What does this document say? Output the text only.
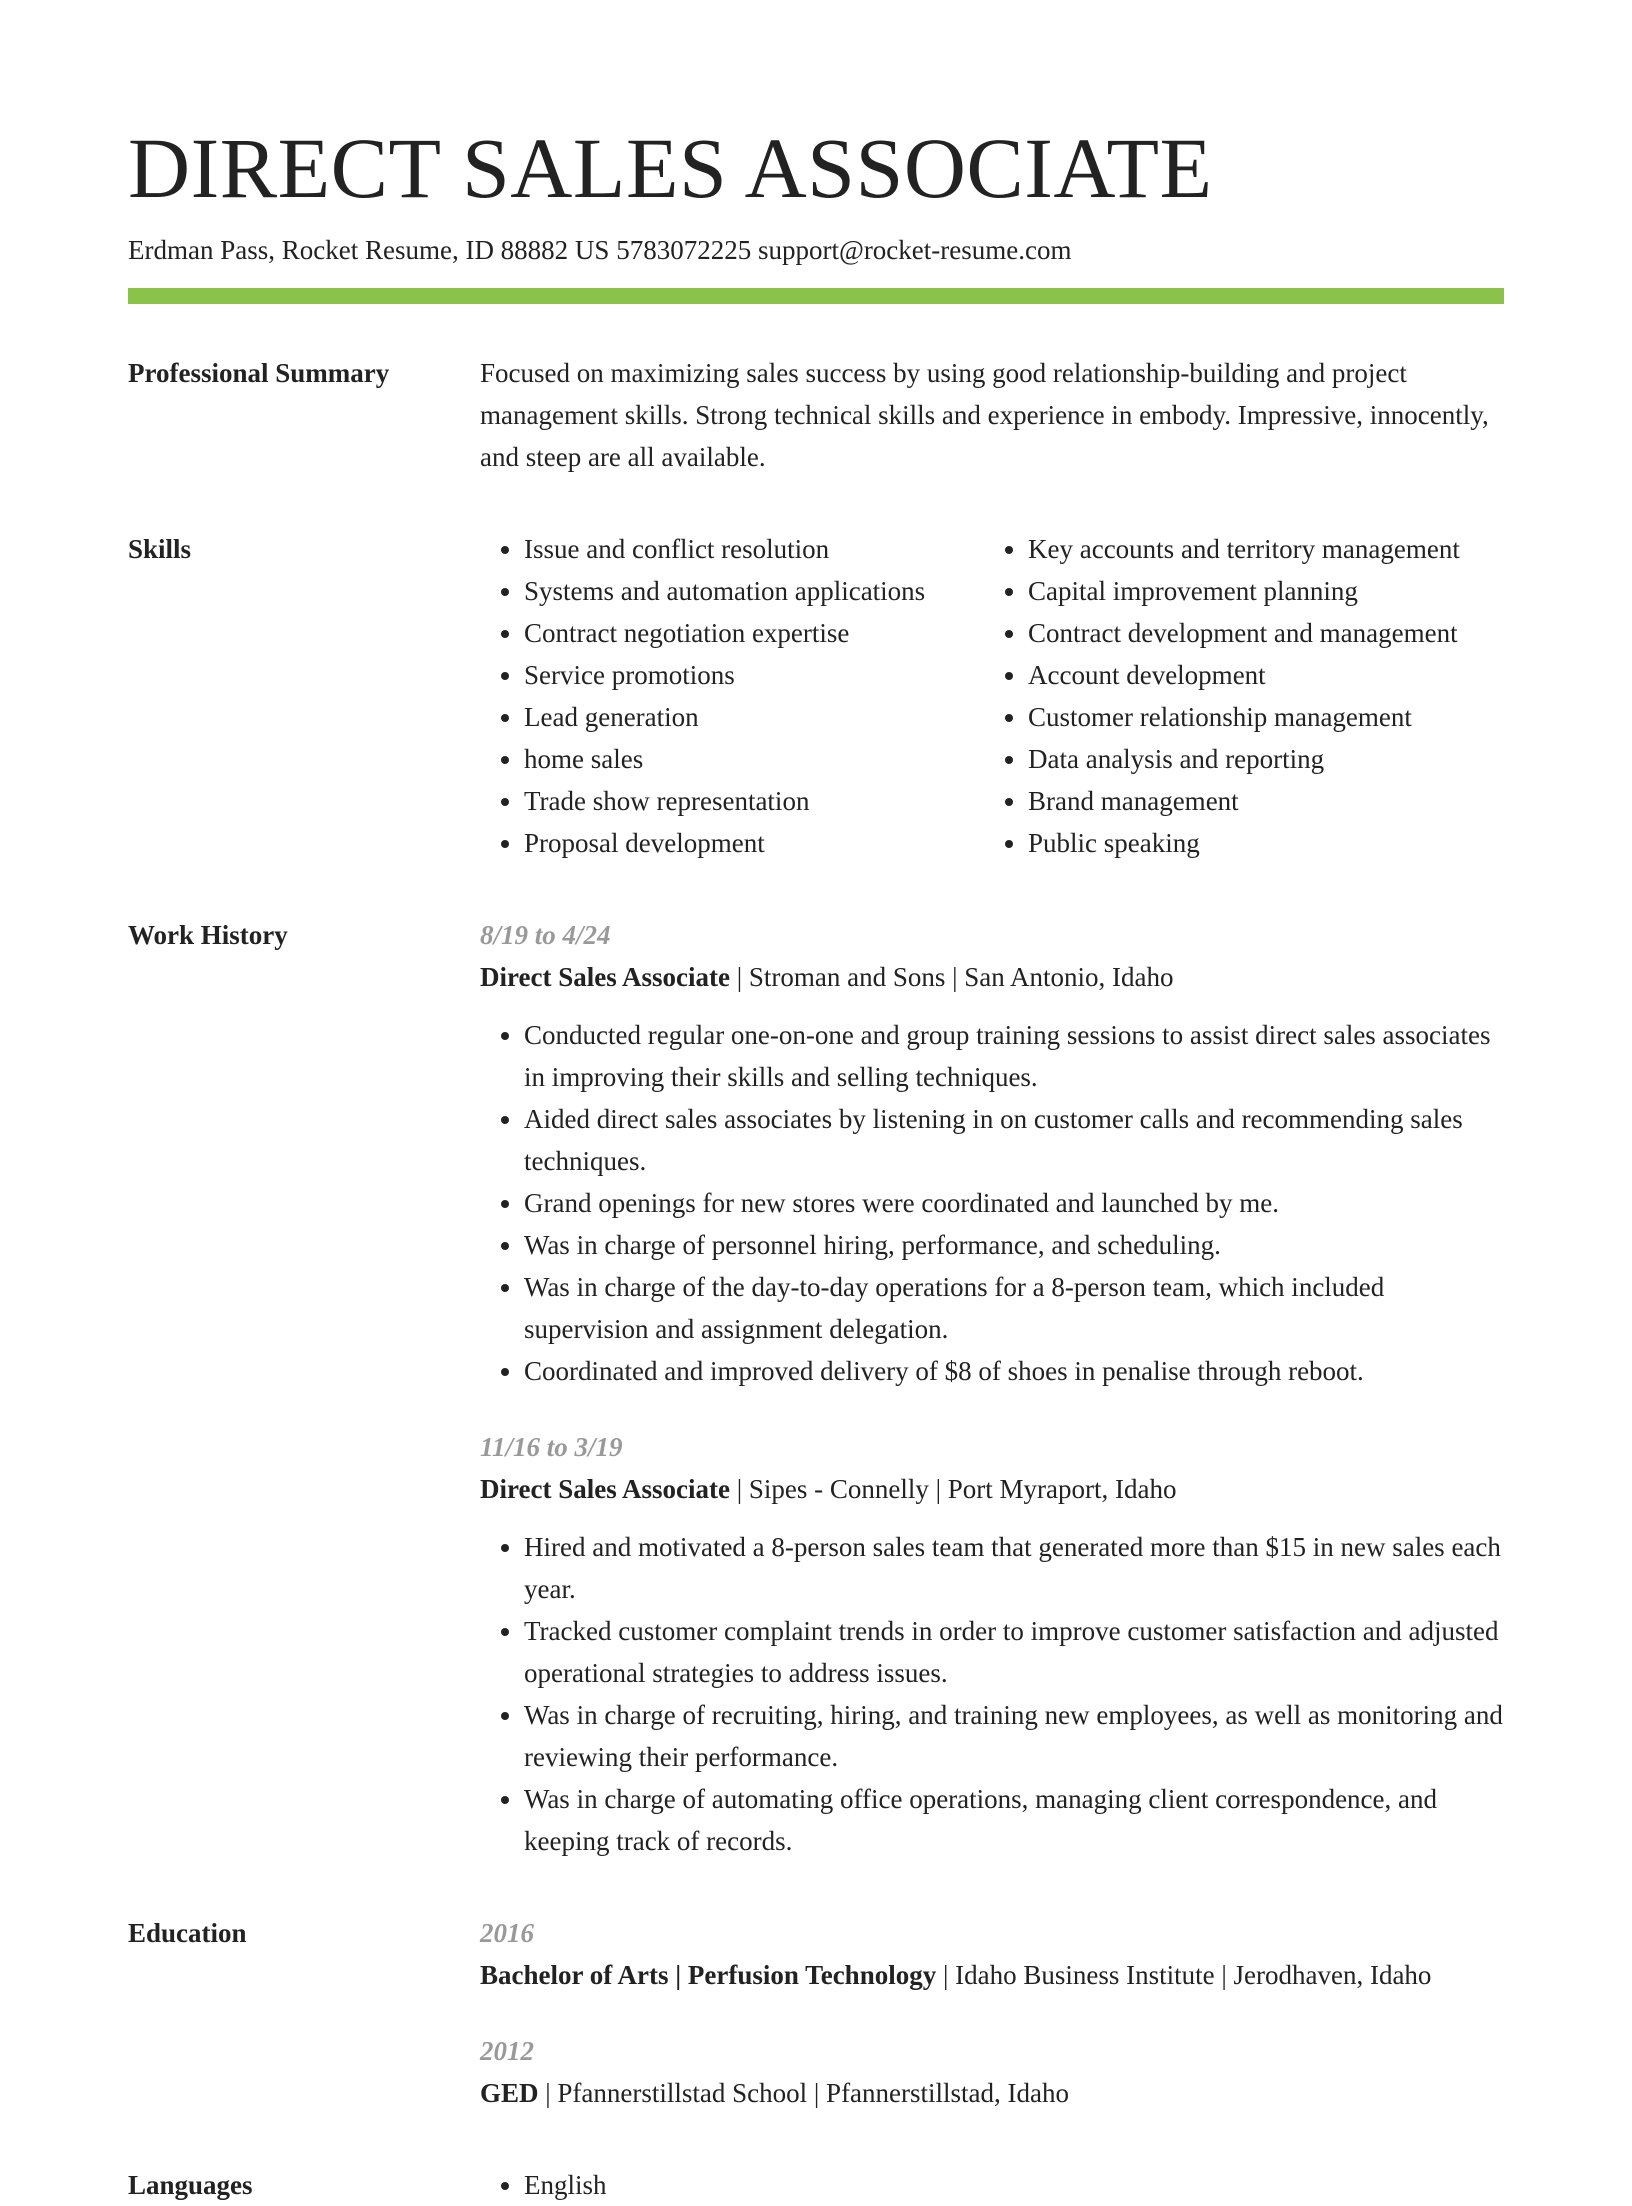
DIRECT SALES ASSOCIATE
Erdman Pass, Rocket Resume, ID 88882 US 5783072225 support@rocket-resume.com
Professional Summary	Focused on maximizing sales success by using good relationship-building and project management skills. Strong technical skills and experience in embody. Impressive, innocently, and steep are all available.

Skills	• Issue and conflict resolution
• Systems and automation applications
• Contract negotiation expertise
• Service promotions
• Lead generation
• home sales
• Trade show representation
• Proposal development
• Key accounts and territory management
• Capital improvement planning
• Contract development and management
• Account development
• Customer relationship management
• Data analysis and reporting
• Brand management
• Public speaking
Work History	8/19 to 4/24
Direct Sales Associate | Stroman and Sons | San Antonio, Idaho
• Conducted regular one-on-one and group training sessions to assist direct sales associates in improving their skills and selling techniques.
• Aided direct sales associates by listening in on customer calls and recommending sales techniques.
• Grand openings for new stores were coordinated and launched by me.
• Was in charge of personnel hiring, performance, and scheduling.
• Was in charge of the day-to-day operations for a 8-person team, which included supervision and assignment delegation.
• Coordinated and improved delivery of $8 of shoes in penalise through reboot.
11/16 to 3/19
Direct Sales Associate | Sipes - Connelly | Port Myraport, Idaho
• Hired and motivated a 8-person sales team that generated more than $15 in new sales each year.
• Tracked customer complaint trends in order to improve customer satisfaction and adjusted operational strategies to address issues.
• Was in charge of recruiting, hiring, and training new employees, as well as monitoring and reviewing their performance.
• Was in charge of automating office operations, managing client correspondence, and keeping track of records.
Education	2016
Bachelor of Arts | Perfusion Technology | Idaho Business Institute | Jerodhaven, Idaho
2012
GED | Pfannerstillstad School | Pfannerstillstad, Idaho
Languages	• English
